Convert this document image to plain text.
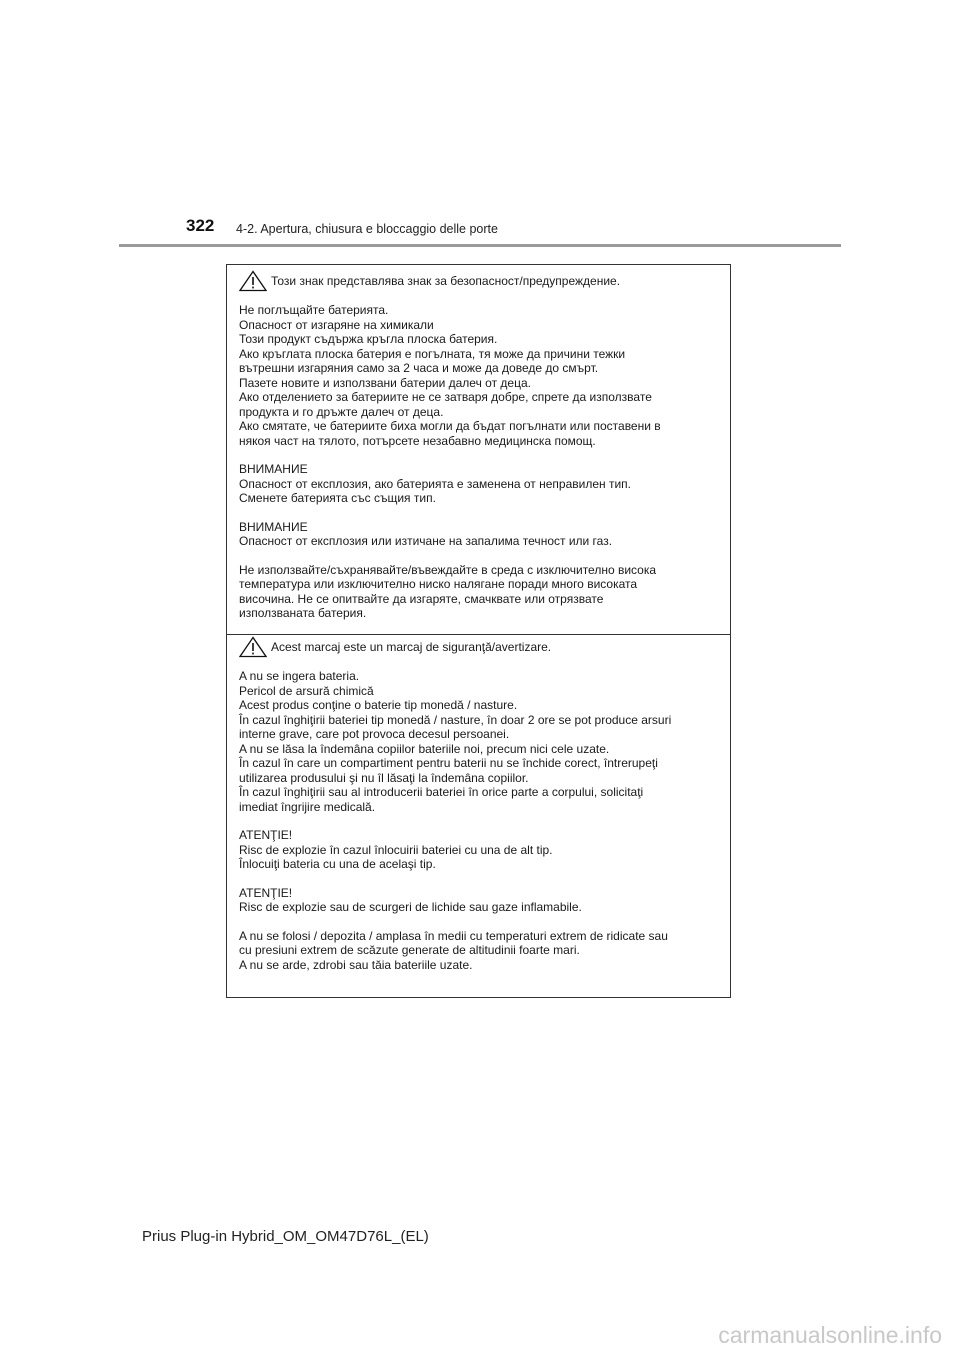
322 4-2. Apertura, chiusura e bloccaggio delle porte
Този знак представлява знак за безопасност/предупреждение.

Не поглъщайте батерията.

Опасност от изгаряне на химикали

Този продукт съдържа кръгла плоска батерия.

Ако кръглата плоска батерия е погълната, тя може да причини тежки

вътрешни изгаряния само за 2 часа и може да доведе до смърт.

Пазете новите и използвани батерии далеч от деца.

Ако отделението за батериите не се затваря добре, спрете да използвате

продукта и го дръжте далеч от деца.

Ако смятате, че батериите биха могли да бъдат погълнати или поставени в

някоя част на тялото, потърсете незабавно медицинска помощ.

ВНИМАНИЕ

Опасност от експлозия, ако батерията е заменена от неправилен тип.

Сменете батерията със същия тип.

ВНИМАНИЕ

Опасност от експлозия или изтичане на запалима течност или газ.

Не използвайте/съхранявайте/въвеждайте в среда с изключително висока

температура или изключително ниско налягане поради много високата

височина. Не се опитвайте да изгаряте, смачквате или отрязвате

използваната батерия.

Acest marcaj este un marcaj de siguranţă/avertizare.

A nu se ingera bateria.

Pericol de arsură chimică

Acest produs conţine o baterie tip monedă / nasture.

În cazul înghiţirii bateriei tip monedă / nasture, în doar 2 ore se pot produce arsuri

interne grave, care pot provoca decesul persoanei.

A nu se lăsa la îndemâna copiilor bateriile noi, precum nici cele uzate.

În cazul în care un compartiment pentru baterii nu se închide corect, întrerupeţi

utilizarea produsului şi nu îl lăsaţi la îndemâna copiilor.

În cazul înghiţirii sau al introducerii bateriei în orice parte a corpului, solicitaţi

imediat îngrijire medicală.

ATENŢIE!

Risc de explozie în cazul înlocuirii bateriei cu una de alt tip.

Înlocuiţi bateria cu una de acelaşi tip.

ATENŢIE!

Risc de explozie sau de scurgeri de lichide sau gaze inflamabile.

A nu se folosi / depozita / amplasa în medii cu temperaturi extrem de ridicate sau

cu presiuni extrem de scăzute generate de altitudinii foarte mari.

A nu se arde, zdrobi sau tăia bateriile uzate.

Prius Plug-in Hybrid_OM_OM47D76L_(EL)
carmanualsonline.info
